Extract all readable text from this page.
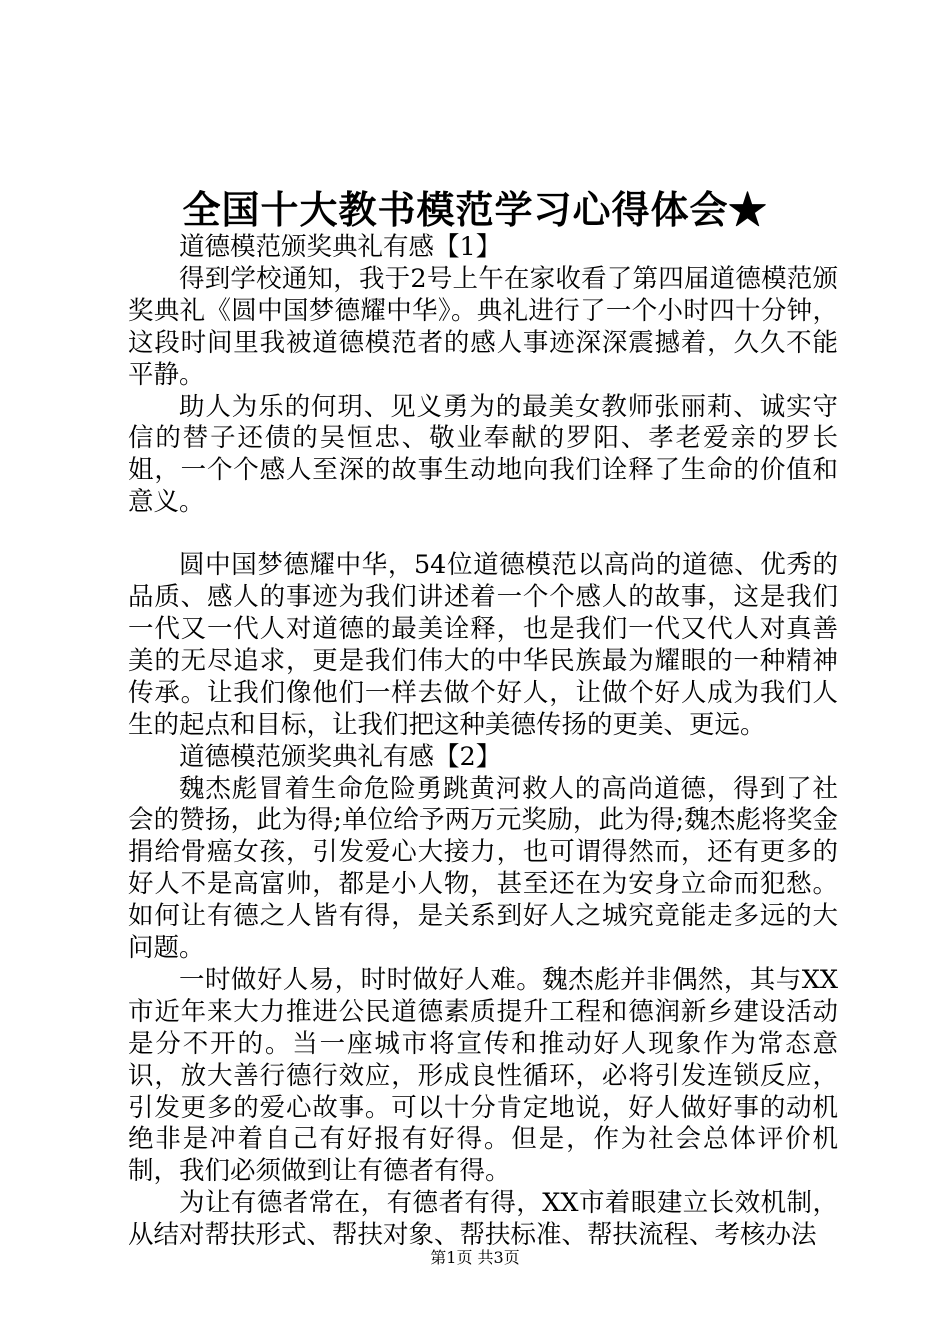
全国十大教书模范学习心得体会★

道德模范颁奖典礼有感【1】

得到学校通知，我于2号上午在家收看了第四届道德模范颁奖典礼《圆中国梦德耀中华》。典礼进行了一个小时四十分钟，这段时间里我被道德模范者的感人事迹深深震撼着，久久不能平静。

助人为乐的何玥、见义勇为的最美女教师张丽莉、诚实守信的替子还债的吴恒忠、敬业奉献的罗阳、孝老爱亲的罗长姐，一个个感人至深的故事生动地向我们诠释了生命的价值和意义。

圆中国梦德耀中华，54位道德模范以高尚的道德、优秀的品质、感人的事迹为我们讲述着一个个感人的故事，这是我们一代又一代人对道德的最美诠释，也是我们一代又代人对真善美的无尽追求，更是我们伟大的中华民族最为耀眼的一种精神传承。让我们像他们一样去做个好人，让做个好人成为我们人生的起点和目标，让我们把这种美德传扬的更美、更远。

道德模范颁奖典礼有感【2】

魏杰彪冒着生命危险勇跳黄河救人的高尚道德，得到了社会的赞扬，此为得;单位给予两万元奖励，此为得;魏杰彪将奖金捐给骨癌女孩，引发爱心大接力，也可谓得然而，还有更多的好人不是高富帅，都是小人物，甚至还在为安身立命而犯愁。如何让有德之人皆有得，是关系到好人之城究竟能走多远的大问题。

一时做好人易，时时做好人难。魏杰彪并非偶然，其与XX市近年来大力推进公民道德素质提升工程和德润新乡建设活动是分不开的。当一座城市将宣传和推动好人现象作为常态意识，放大善行德行效应，形成良性循环，必将引发连锁反应，引发更多的爱心故事。可以十分肯定地说，好人做好事的动机绝非是冲着自己有好报有好得。但是，作为社会总体评价机制，我们必须做到让有德者有得。

为让有德者常在，有德者有得，XX市着眼建立长效机制，从结对帮扶形式、帮扶对象、帮扶标准、帮扶流程、考核办法

第1页 共3页
